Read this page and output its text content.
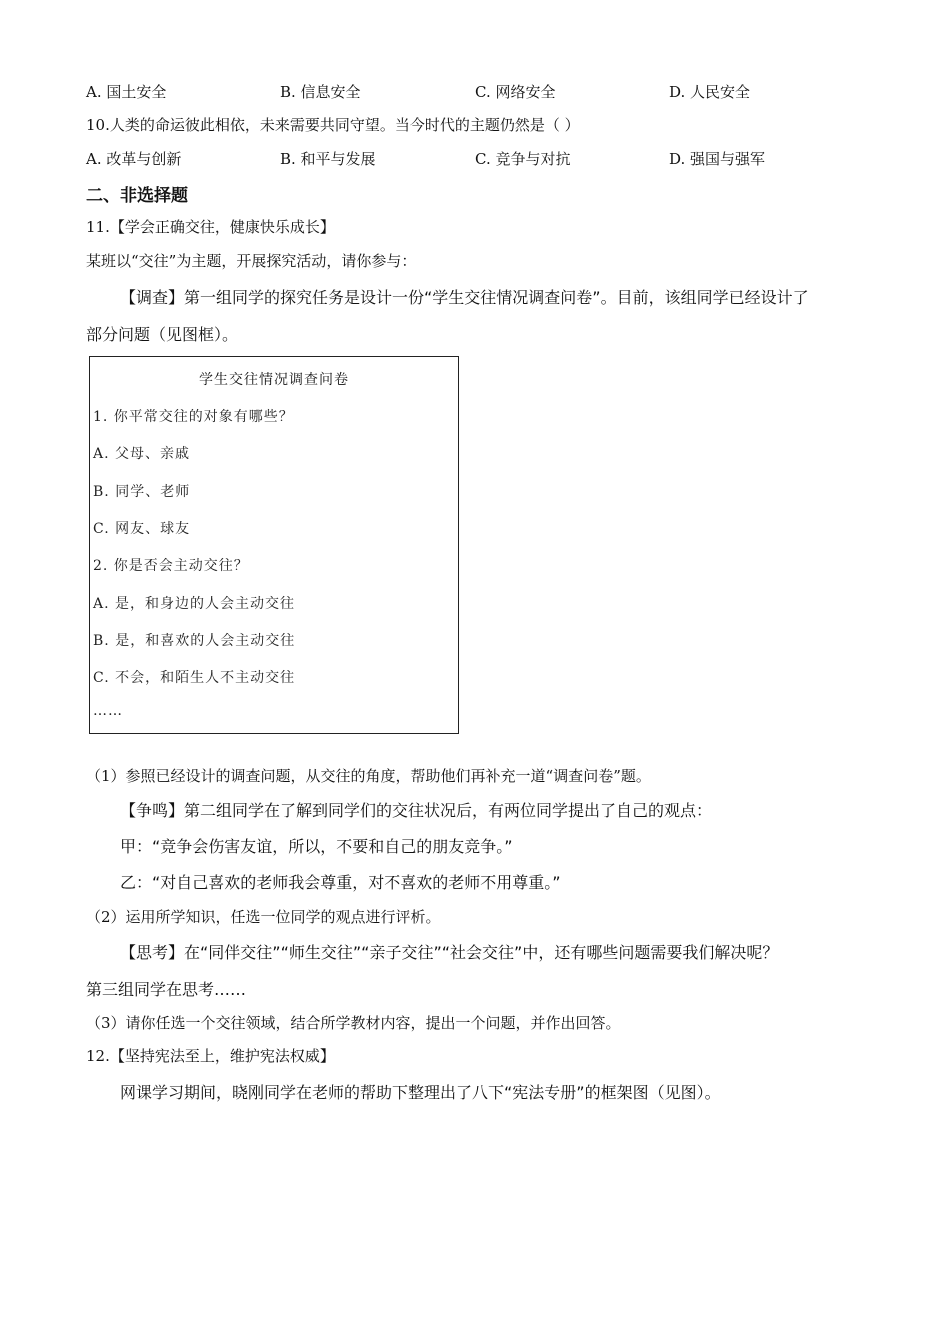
A. 国土安全	B. 信息安全	C. 网络安全	D. 人民安全
10.人类的命运彼此相依，未来需要共同守望。当今时代的主题仍然是（ ）
A. 改革与创新	B. 和平与发展	C. 竞争与对抗	D. 强国与强军
二、非选择题
11.【学会正确交往，健康快乐成长】
某班以“交往”为主题，开展探究活动，请你参与：
【调查】第一组同学的探究任务是设计一份“学生交往情况调查问卷”。目前，该组同学已经设计了
部分问题（见图框）。
学生交往情况调查问卷
1. 你平常交往的对象有哪些？
A. 父母、亲戚
B. 同学、老师
C. 网友、球友
2. 你是否会主动交往？
A. 是，和身边的人会主动交往
B. 是，和喜欢的人会主动交往
C. 不会，和陌生人不主动交往
……
（1）参照已经设计的调查问题，从交往的角度，帮助他们再补充一道“调查问卷”题。
【争鸣】第二组同学在了解到同学们的交往状况后，有两位同学提出了自己的观点：
甲：“竞争会伤害友谊，所以，不要和自己的朋友竞争。”
乙：“对自己喜欢的老师我会尊重，对不喜欢的老师不用尊重。”
（2）运用所学知识，任选一位同学的观点进行评析。
【思考】在“同伴交往”“师生交往”“亲子交往”“社会交往”中，还有哪些问题需要我们解决呢？
第三组同学在思考……
（3）请你任选一个交往领域，结合所学教材内容，提出一个问题，并作出回答。
12.【坚持宪法至上，维护宪法权威】
网课学习期间，晓刚同学在老师的帮助下整理出了八下“宪法专册”的框架图（见图）。
